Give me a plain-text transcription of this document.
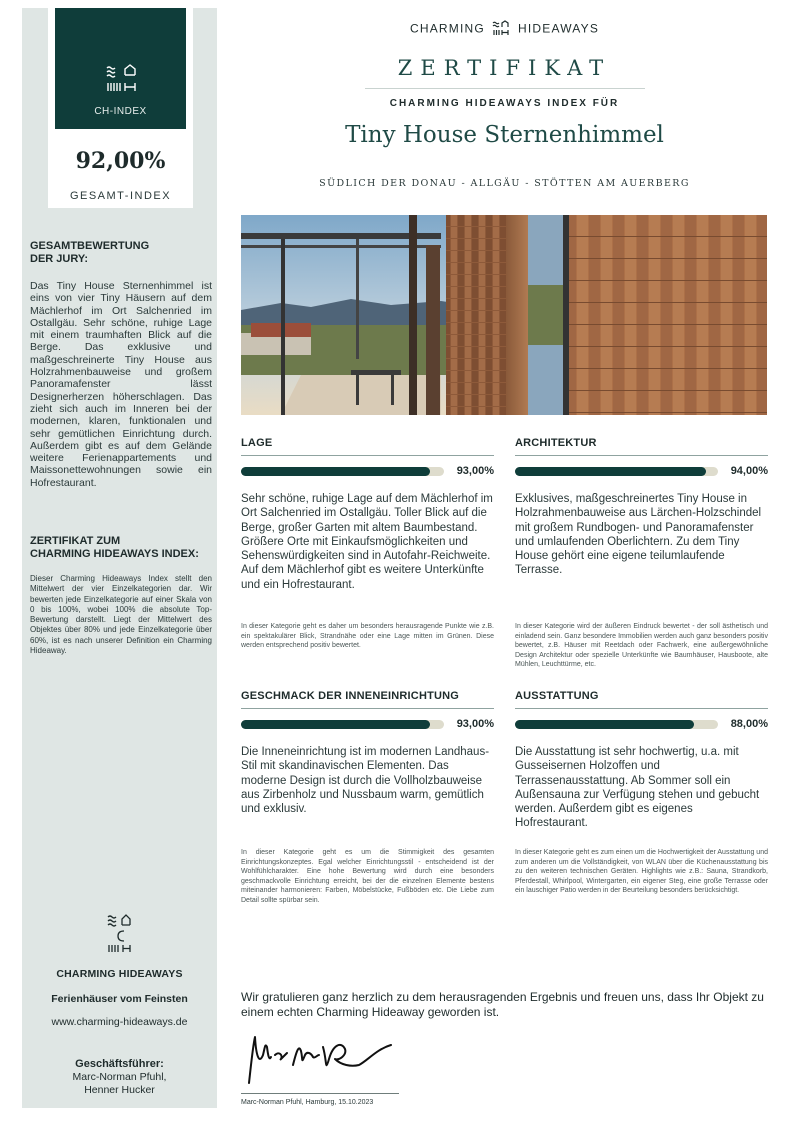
CH-INDEX
92,00%
GESAMT-INDEX
GESAMTBEWERTUNG
DER JURY:
Das Tiny House Sternenhimmel ist eins von vier Tiny Häusern auf dem Mächlerhof im Ort Salchenried im Ostallgäu. Sehr schöne, ruhige Lage mit einem traumhaften Blick auf die Berge. Das exklusive und maßgeschreinerte Tiny House aus Holzrahmenbauweise und großem Panoramafenster lässt Designerherzen höherschlagen. Das zieht sich auch im Inneren bei der modernen, klaren, funktionalen und sehr gemütlichen Einrichtung durch. Außerdem gibt es auf dem Gelände weitere Ferienappartements und Maissonettewohnungen sowie ein Hofrestaurant.
ZERTIFIKAT ZUM
CHARMING HIDEAWAYS INDEX:
Dieser Charming Hideaways Index stellt den Mittelwert der vier Einzelkategorien dar. Wir bewerten jede Einzelkategorie auf einer Skala von 0 bis 100%, wobei 100% die absolute Top-Bewertung darstellt. Liegt der Mittelwert des Objektes über 80% und jede Einzelkategorie über 60%, ist es nach unserer Definition ein Charming Hideaway.
CHARMING HIDEAWAYS
Ferienhäuser vom Feinsten
www.charming-hideaways.de
Geschäftsführer:
Marc-Norman Pfuhl,
Henner Hucker
CHARMING	HIDEAWAYS
ZERTIFIKAT
CHARMING HIDEAWAYS INDEX FÜR
Tiny House Sternenhimmel
SÜDLICH DER DONAU - ALLGÄU - STÖTTEN AM AUERBERG
LAGE
93,00%
Sehr schöne, ruhige Lage auf dem Mächlerhof im Ort Salchenried im Ostallgäu. Toller Blick auf die Berge, großer Garten mit altem Baumbestand. Größere Orte mit Einkaufsmöglichkeiten und Sehenswürdigkeiten sind in Autofahr-Reichweite. Auf dem Mächlerhof gibt es weitere Unterkünfte und ein Hofrestaurant.
In dieser Kategorie geht es daher um besonders herausragende Punkte wie z.B. ein spektakulärer Blick, Strandnähe oder eine Lage mitten im Grünen. Diese werden entsprechend positiv bewertet.
ARCHITEKTUR
94,00%
Exklusives, maßgeschreinertes Tiny House in Holzrahmenbauweise aus Lärchen-Holzschindel mit großem Rundbogen- und Panoramafenster und umlaufenden Oberlichtern. Zu dem Tiny House gehört eine eigene teilumlaufende Terrasse.
In dieser Kategorie wird der äußeren Eindruck bewertet - der soll ästhetisch und einladend sein. Ganz besondere Immobilien werden auch ganz besonders positiv bewertet, z.B. Häuser mit Reetdach oder Fachwerk, eine außergewöhnliche Design Architektur oder spezielle Unterkünfte wie Baumhäuser, Hausboote, alte Mühlen, Leuchttürme, etc.
GESCHMACK DER INNENEINRICHTUNG
93,00%
Die Inneneinrichtung ist im modernen Landhaus-Stil mit skandinavischen Elementen. Das moderne Design ist durch die Vollholzbauweise aus Zirbenholz und Nussbaum warm, gemütlich und exklusiv.
In dieser Kategorie geht es um die Stimmigkeit des gesamten Einrichtungskonzeptes. Egal welcher Einrichtungsstil - entscheidend ist der Wohlfühlcharakter. Eine hohe Bewertung wird durch eine besonders geschmackvolle Einrichtung erreicht, bei der die einzelnen Elemente bestens miteinander harmonieren: Farben, Möbelstücke, Fußböden etc. Die Liebe zum Detail sollte spürbar sein.
AUSSTATTUNG
88,00%
Die Ausstattung ist sehr hochwertig, u.a. mit Gusseisernen Holzoffen und Terrassenausstattung. Ab Sommer soll ein Außensauna zur Verfügung stehen und gebucht werden. Außerdem gibt es eigenes Hofrestaurant.
In dieser Kategorie geht es zum einen um die Hochwertigkeit der Ausstattung und zum anderen um die Vollständigkeit, von WLAN über die Küchenausstattung bis zu den weiteren technischen Geräten. Highlights wie z.B.: Sauna, Strandkorb, Pferdestall, Whirlpool, Wintergarten, ein eigener Steg, eine große Terrasse oder ein lauschiger Patio werden in der Beurteilung besonders berücksichtigt.
Wir gratulieren ganz herzlich zu dem herausragenden Ergebnis und freuen uns, dass Ihr Objekt zu einem echten Charming Hideaway geworden ist.
Marc-Norman Pfuhl, Hamburg, 15.10.2023
